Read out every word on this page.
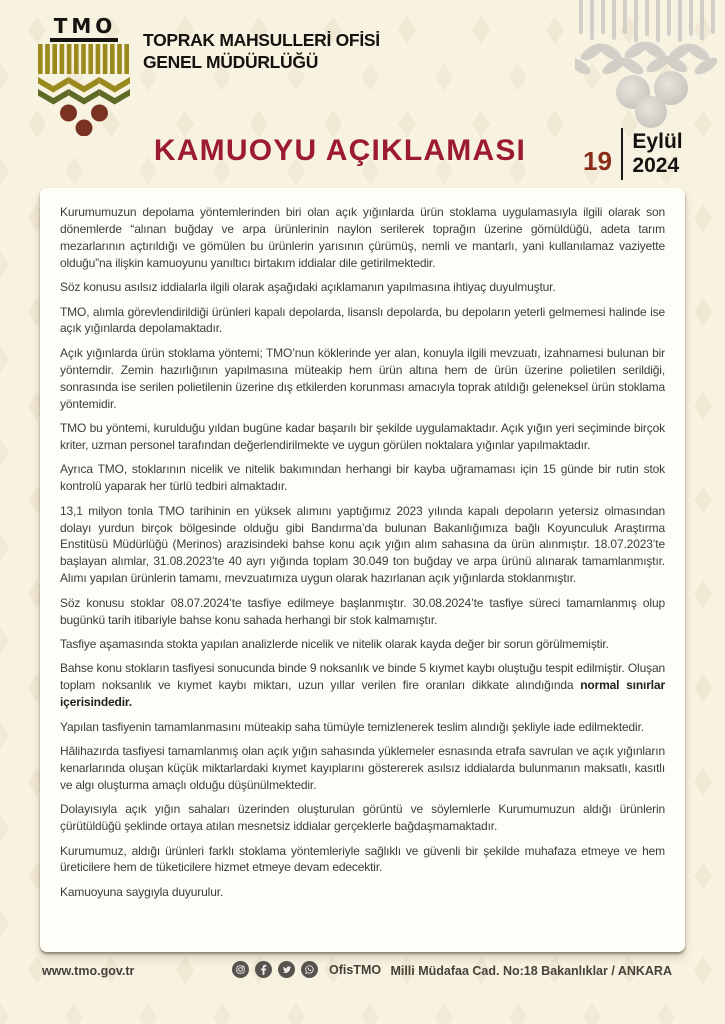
TMO
TOPRAK MAHSULLERİ OFİSİ
GENEL MÜDÜRLÜĞÜ
KAMUOYU AÇIKLAMASI	19
Eylül
2024

Kurumumuzun depolama yöntemlerinden biri olan açık yığınlarda ürün stoklama uygulamasıyla ilgili olarak son dönemlerde “alınan buğday ve arpa ürünlerinin naylon serilerek toprağın üzerine gömüldüğü, adeta tarım mezarlarının açtırıldığı ve gömülen bu ürünlerin yarısının çürümüş, nemli ve mantarlı, yani kullanılamaz vaziyette olduğu”na ilişkin kamuoyunu yanıltıcı birtakım iddialar dile getirilmektedir.

Söz konusu asılsız iddialarla ilgili olarak aşağıdaki açıklamanın yapılmasına ihtiyaç duyulmuştur.

TMO, alımla görevlendirildiği ürünleri kapalı depolarda, lisanslı depolarda, bu depoların yeterli gelmemesi halinde ise açık yığınlarda depolamaktadır.

Açık yığınlarda ürün stoklama yöntemi; TMO’nun köklerinde yer alan, konuyla ilgili mevzuatı, izahnamesi bulunan bir yöntemdir. Zemin hazırlığının yapılmasına müteakip hem ürün altına hem de ürün üzerine polietilen serildiği, sonrasında ise serilen polietilenin üzerine dış etkilerden korunması amacıyla toprak atıldığı geleneksel ürün stoklama yöntemidir.

TMO bu yöntemi, kurulduğu yıldan bugüne kadar başarılı bir şekilde uygulamaktadır. Açık yığın yeri seçiminde birçok kriter, uzman personel tarafından değerlendirilmekte ve uygun görülen noktalara yığınlar yapılmaktadır.

Ayrıca TMO, stoklarının nicelik ve nitelik bakımından herhangi bir kayba uğramaması için 15 günde bir rutin stok kontrolü yaparak her türlü tedbiri almaktadır.

13,1 milyon tonla TMO tarihinin en yüksek alımını yaptığımız 2023 yılında kapalı depoların yetersiz olmasından dolayı yurdun birçok bölgesinde olduğu gibi Bandırma’da bulunan Bakanlığımıza bağlı Koyunculuk Araştırma Enstitüsü Müdürlüğü (Merinos) arazisindeki bahse konu açık yığın alım sahasına da ürün alınmıştır. 18.07.2023’te başlayan alımlar, 31.08.2023’te 40 ayrı yığında toplam 30.049 ton buğday ve arpa ürünü alınarak tamamlanmıştır. Alımı yapılan ürünlerin tamamı, mevzuatımıza uygun olarak hazırlanan açık yığınlarda stoklanmıştır.

Söz konusu stoklar 08.07.2024’te tasfiye edilmeye başlanmıştır. 30.08.2024’te tasfiye süreci tamamlanmış olup bugünkü tarih itibariyle bahse konu sahada herhangi bir stok kalmamıştır.

Tasfiye aşamasında stokta yapılan analizlerde nicelik ve nitelik olarak kayda değer bir sorun görülmemiştir.

Bahse konu stokların tasfiyesi sonucunda binde 9 noksanlık ve binde 5 kıymet kaybı oluştuğu tespit edilmiştir. Oluşan toplam noksanlık ve kıymet kaybı miktarı, uzun yıllar verilen fire oranları dikkate alındığında normal sınırlar içerisindedir.

Yapılan tasfiyenin tamamlanmasını müteakip saha tümüyle temizlenerek teslim alındığı şekliyle iade edilmektedir.

Hâlihazırda tasfiyesi tamamlanmış olan açık yığın sahasında yüklemeler esnasında etrafa savrulan ve açık yığınların kenarlarında oluşan küçük miktarlardaki kıymet kayıplarını göstererek asılsız iddialarda bulunmanın maksatlı, kasıtlı ve algı oluşturma amaçlı olduğu düşünülmektedir.

Dolayısıyla açık yığın sahaları üzerinden oluşturulan görüntü ve söylemlerle Kurumumuzun aldığı ürünlerin çürütüldüğü şeklinde ortaya atılan mesnetsiz iddialar gerçeklerle bağdaşmamaktadır.

Kurumumuz, aldığı ürünleri farklı stoklama yöntemleriyle sağlıklı ve güvenli bir şekilde muhafaza etmeye ve hem üreticilere hem de tüketicilere hizmet etmeye devam edecektir.

Kamuoyuna saygıyla duyurulur.

www.tmo.gov.tr	OfisTMO Milli Müdafaa Cad. No:18 Bakanlıklar / ANKARA
